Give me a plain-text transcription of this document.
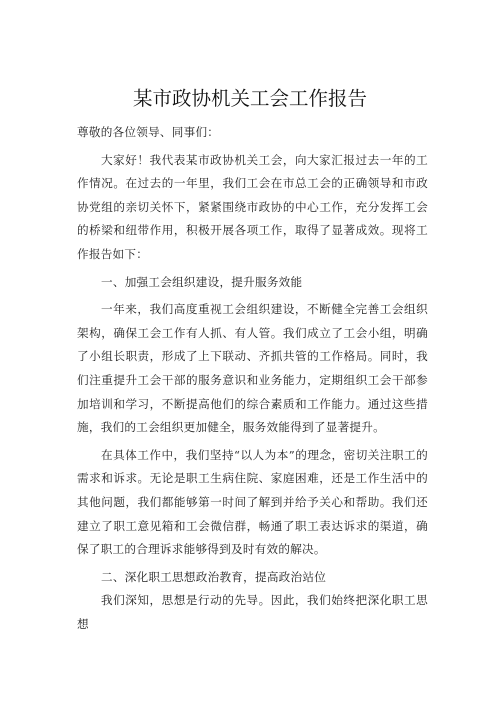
某市政协机关工会工作报告

尊敬的各位领导、同事们：

大家好！我代表某市政协机关工会，向大家汇报过去一年的工作情况。在过去的一年里，我们工会在市总工会的正确领导和市政协党组的亲切关怀下，紧紧围绕市政协的中心工作，充分发挥工会的桥梁和纽带作用，积极开展各项工作，取得了显著成效。现将工作报告如下：

一、加强工会组织建设，提升服务效能

一年来，我们高度重视工会组织建设，不断健全完善工会组织架构，确保工会工作有人抓、有人管。我们成立了工会小组，明确了小组长职责，形成了上下联动、齐抓共管的工作格局。同时，我们注重提升工会干部的服务意识和业务能力，定期组织工会干部参加培训和学习，不断提高他们的综合素质和工作能力。通过这些措施，我们的工会组织更加健全，服务效能得到了显著提升。

在具体工作中，我们坚持“以人为本”的理念，密切关注职工的需求和诉求。无论是职工生病住院、家庭困难，还是工作生活中的其他问题，我们都能够第一时间了解到并给予关心和帮助。我们还建立了职工意见箱和工会微信群，畅通了职工表达诉求的渠道，确保了职工的合理诉求能够得到及时有效的解决。

二、深化职工思想政治教育，提高政治站位

我们深知，思想是行动的先导。因此，我们始终把深化职工思想
